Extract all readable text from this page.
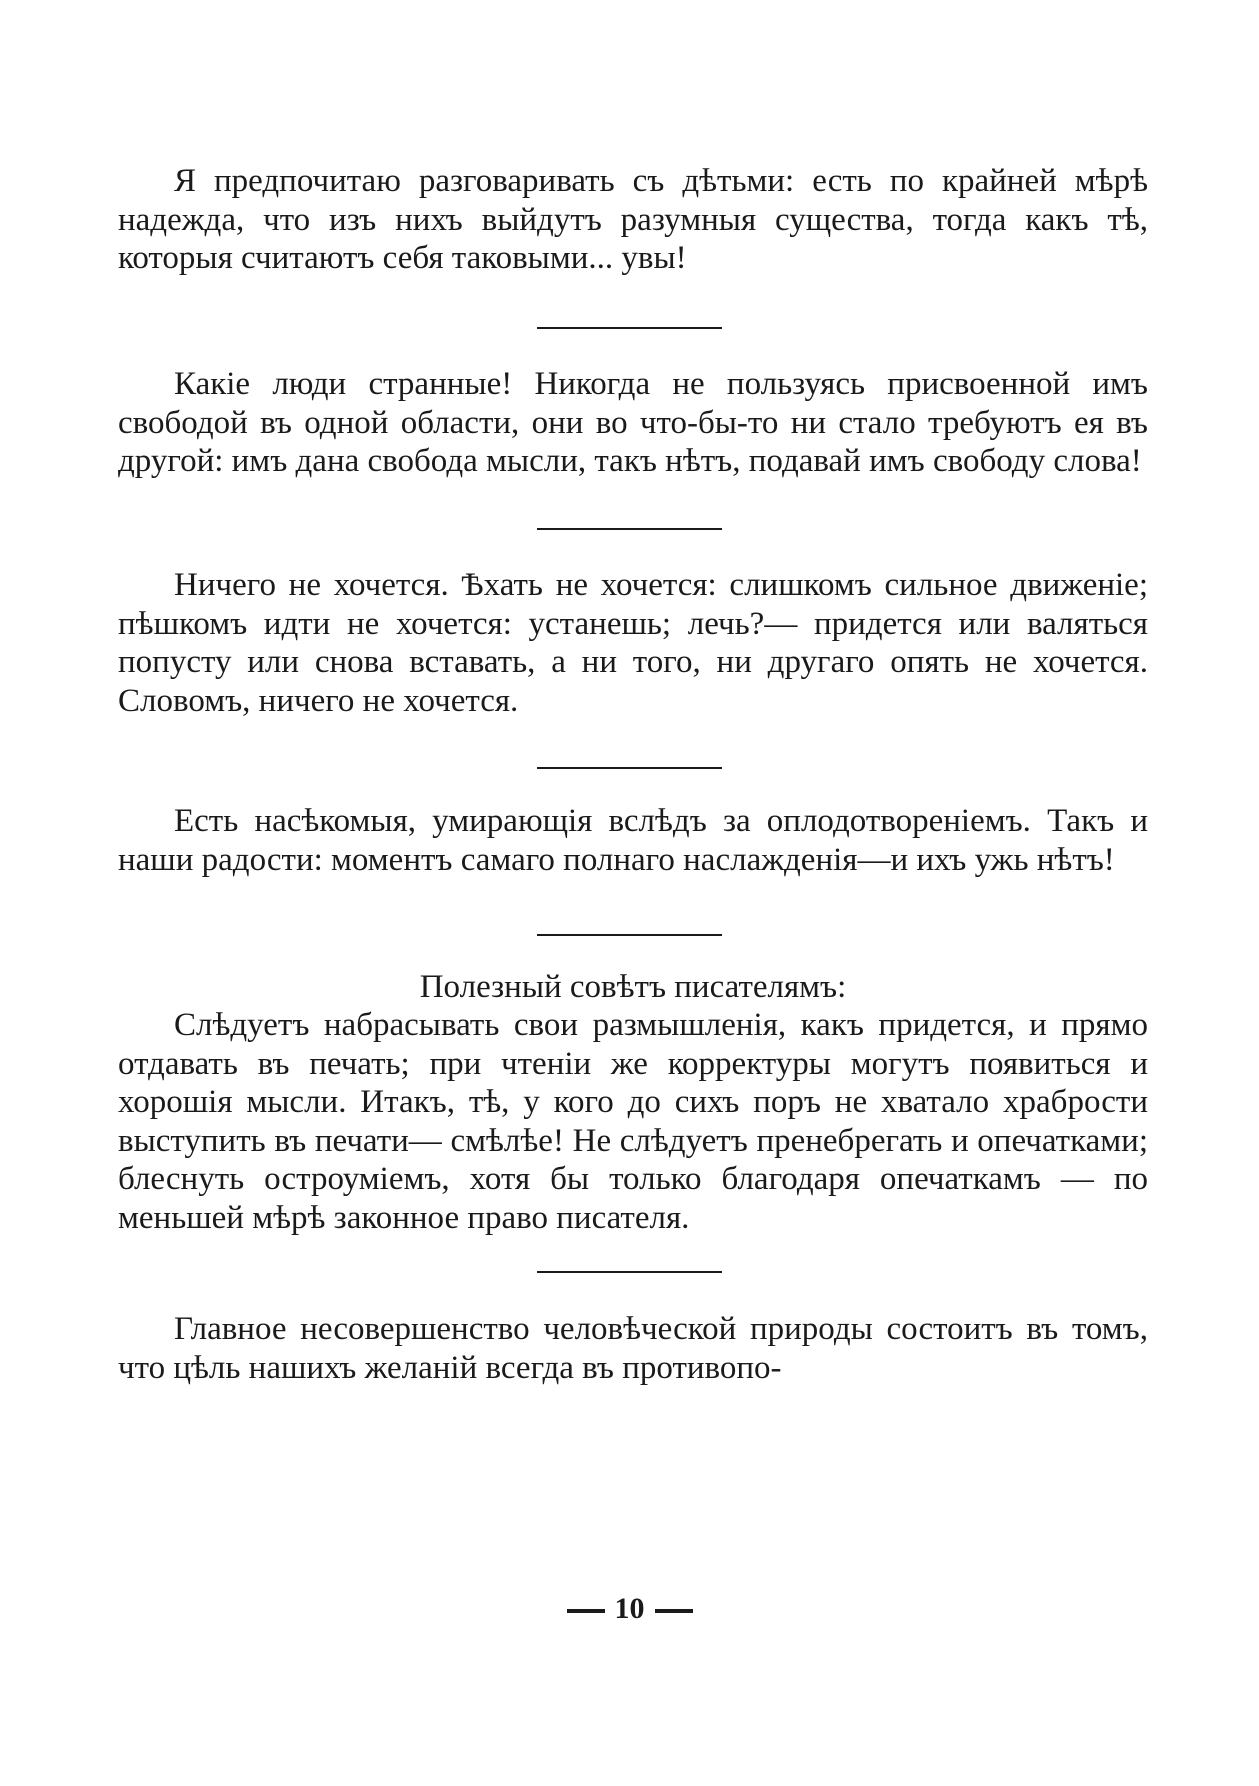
Я предпочитаю разговаривать съ дѣтьми: есть по крайней мѣрѣ надежда, что изъ нихъ выйдутъ разумныя существа, тогда какъ тѣ, которыя считаютъ себя таковыми... увы!

Какіе люди странные! Никогда не пользуясь присвоенной имъ свободой въ одной области, они во что-бы-то ни стало требуютъ ея въ другой: имъ дана свобода мысли, такъ нѣтъ, подавай имъ свободу слова!

Ничего не хочется. Ѣхать не хочется: слишкомъ сильное движеніе; пѣшкомъ идти не хочется: устанешь; лечь?— придется или валяться попусту или снова вставать, а ни того, ни другаго опять не хочется. Словомъ, ничего не хочется.

Есть насѣкомыя, умирающія вслѣдъ за оплодотвореніемъ. Такъ и наши радости: моментъ самаго полнаго наслажденія—и ихъ ужь нѣтъ!

Полезный совѣтъ писателямъ:

Слѣдуетъ набрасывать свои размышленія, какъ придется, и прямо отдавать въ печать; при чтеніи же корректуры могутъ появиться и хорошія мысли. Итакъ, тѣ, у кого до сихъ поръ не хватало храбрости выступить въ печати— смѣлѣе! Не слѣдуетъ пренебрегать и опечатками; блеснуть остроуміемъ, хотя бы только благодаря опечаткамъ — по меньшей мѣрѣ законное право писателя.

Главное несовершенство человѣческой природы состоитъ въ томъ, что цѣль нашихъ желаній всегда въ противопо-

10
